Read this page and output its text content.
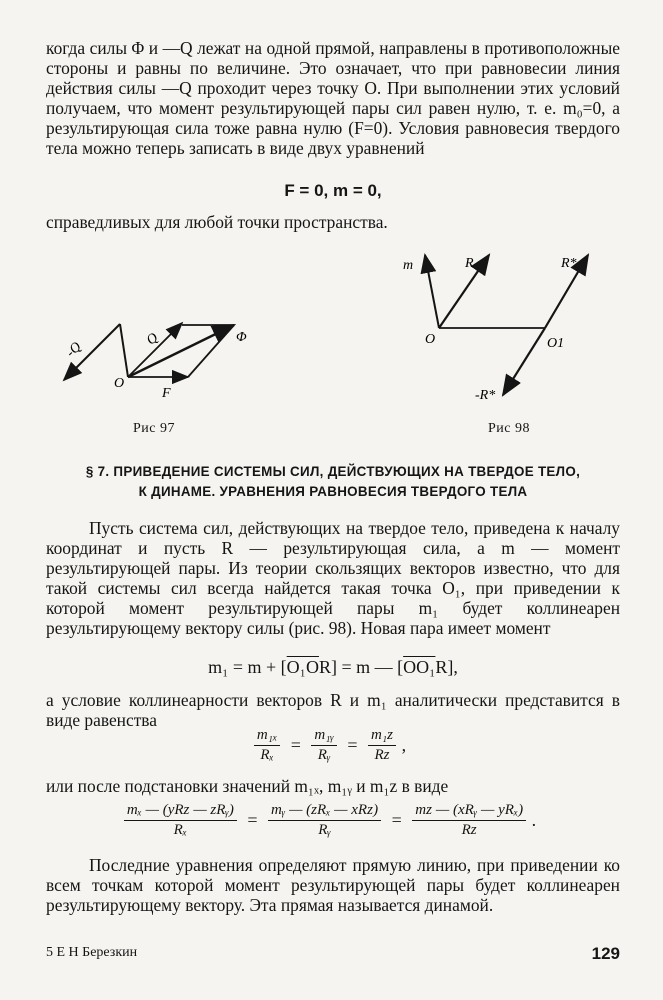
когда силы Φ и —Q лежат на одной прямой, направлены в противоположные стороны и равны по величине. Это означает, что при равновесии линия действия силы —Q проходит через точку O. При выполнении этих условий получаем, что момент результирующей пары сил равен нулю, т. е. m₀=0, а результирующая сила тоже равна нулю (F=0). Условия равновесия твердого тела можно теперь записать в виде двух уравнений

F = 0, m = 0,

справедливых для любой точки пространства.

-Q
Q	Φ
O
F
Рис 97
m	R	R*
O	O1
-R*
Рис 98
§ 7. ПРИВЕДЕНИЕ СИСТЕМЫ СИЛ, ДЕЙСТВУЮЩИХ НА ТВЕРДОЕ ТЕЛО,
К ДИНАМЕ. УРАВНЕНИЯ РАВНОВЕСИЯ ТВЕРДОГО ТЕЛА

Пусть система сил, действующих на твердое тело, приведена к началу координат и пусть R — результирующая сила, а m — момент результирующей пары. Из теории скользящих векторов известно, что для такой системы сил всегда найдется такая точка O₁, при приведении к которой момент результирующей пары m₁ будет коллинеарен результирующему вектору силы (рис. 98). Новая пара имеет момент

m₁ = m + [O₁OR] = m — [OO₁R],

а условие коллинеарности векторов R и m₁ аналитически представится в виде равенства

$\frac{\text{m₁ₓ}}{\text{Rₓ}} = \frac{\text{m₁ᵧ}}{\text{Rᵧ}} = \frac{\text{m₁ᴢ}}{\text{Rᴢ}}$ ,

или после подстановки значений m₁ₓ, m₁ᵧ и m₁ᴢ в виде

$\frac{\text{mₓ — (yRᴢ — zRᵧ)}}{\text{Rₓ}} = \frac{\text{mᵧ — (zRₓ — xRᴢ)}}{\text{Rᵧ}} = \frac{\text{mᴢ — (xRᵧ — yRₓ)}}{\text{Rᴢ}}$ .

Последние уравнения определяют прямую линию, при приведении ко всем точкам которой момент результирующей пары будет коллинеарен результирующему вектору. Эта прямая называется динамой.

5 Е Н Березкин	129
